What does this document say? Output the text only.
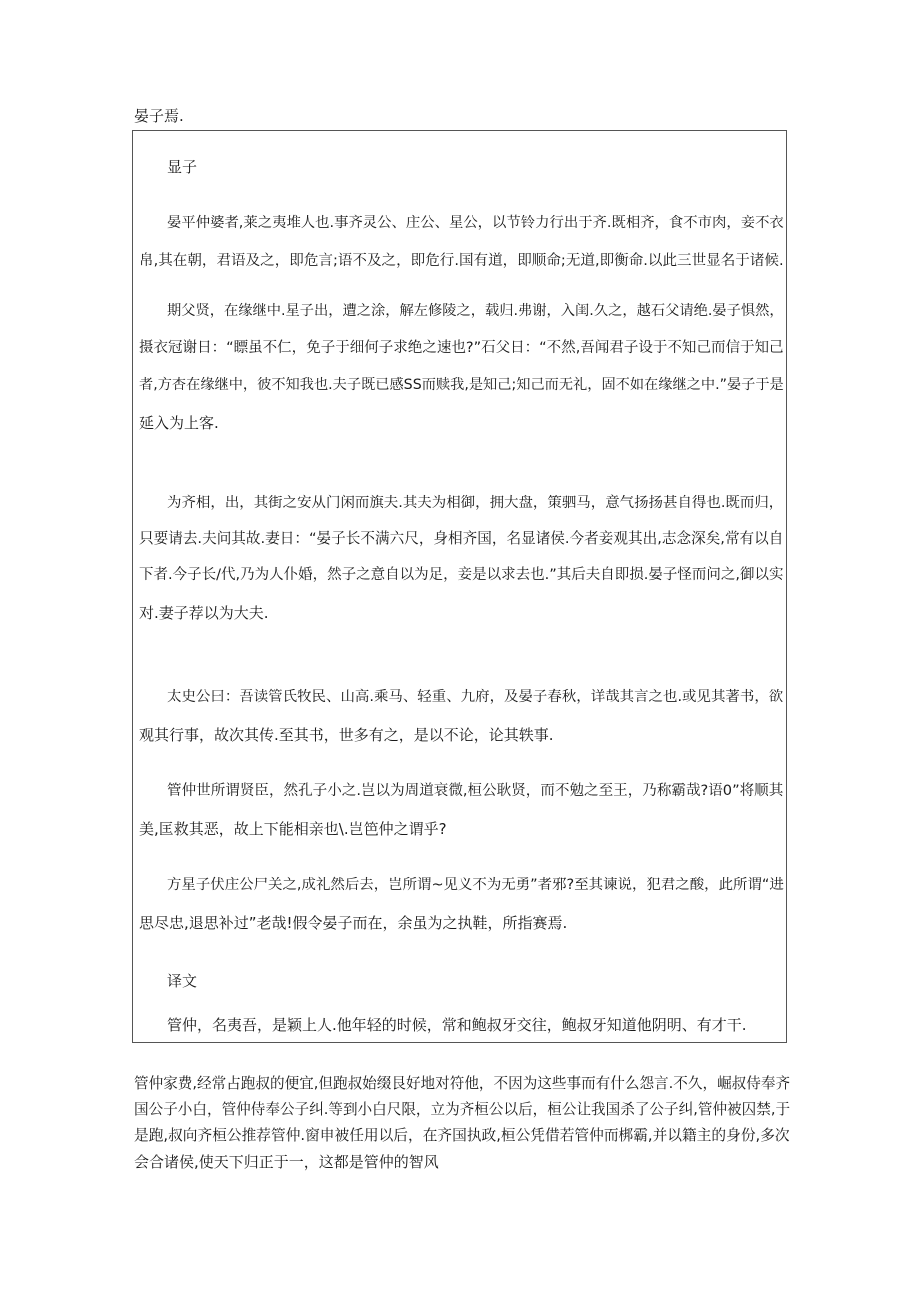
晏子焉.
显子
晏平仲婆者,莱之夷堆人也.事齐灵公、庄公、星公，以节铃力行出于齐.既相齐，食不市肉，妾不衣
帛,其在朝，君语及之，即危言;语不及之，即危行.国有道，即顺命;无道,即衡命.以此三世显名于诸候.
期父贤，在缘继中.星子出，遭之涂，解左修陵之，载归.弗谢，入闺.久之，越石父请绝.晏子惧然，
摄衣冠谢日：“瞟虽不仁，免子于细何子求绝之速也?”石父日：“不然,吾闻君子设于不知己而信于知己
者,方杏在缘继中，彼不知我也.夫子既已感SS而赎我,是知己;知己而无礼，固不如在缘继之中.”晏子于是
延入为上客.
为齐相，出，其街之安从门闲而旗夫.其夫为相御，拥大盘，策驷马，意气扬扬甚自得也.既而归，
只要请去.夫问其故.妻日：“晏子长不满六尺，身相齐国，名显诸侯.今者妾观其出,志念深矣,常有以自
下者.今子长/代,乃为人仆婚，然子之意自以为足，妾是以求去也.”其后夫自即损.晏子怪而问之,御以实
对.妻子荐以为大夫.
太史公曰：吾读管氏牧民、山高.乘马、轻重、九府，及晏子春秋，详哉其言之也.或见其著书，欲
观其行事，故次其传.至其书，世多有之，是以不论，论其轶事.
管仲世所谓贤臣，然孔子小之.岂以为周道衰微,桓公耿贤，而不勉之至王，乃称霸哉?语0”将顺其
美,匡救其恶，故上下能相亲也\.岂笆仲之谓乎?
方星子伏庄公尸关之,成礼然后去，岂所谓~见义不为无勇”者邪?至其谏说，犯君之酸，此所谓“进
思尽忠,退思补过”老哉!假令晏子而在，余虽为之执鞋，所指赛焉.
译文
管仲，名夷吾，是颖上人.他年轻的时候，常和鲍叔牙交往，鲍叔牙知道他阴明、有才干.
管仲家费,经常占跑叔的便宜,但跑叔始缀艮好地对符他，不因为这些事而有什么怨言.不久，崛叔侍奉齐
国公子小白，管仲侍奉公子纠.等到小白尺限，立为齐桓公以后，桓公让我国杀了公子纠,管仲被囚禁,于
是跑,叔向齐桓公推荐管仲.窗申被任用以后，在齐国执政,桓公凭借若管仲而梆霸,并以籍主的身份,多次
会合诸侯,使天下归正于一，这都是管仲的智风
